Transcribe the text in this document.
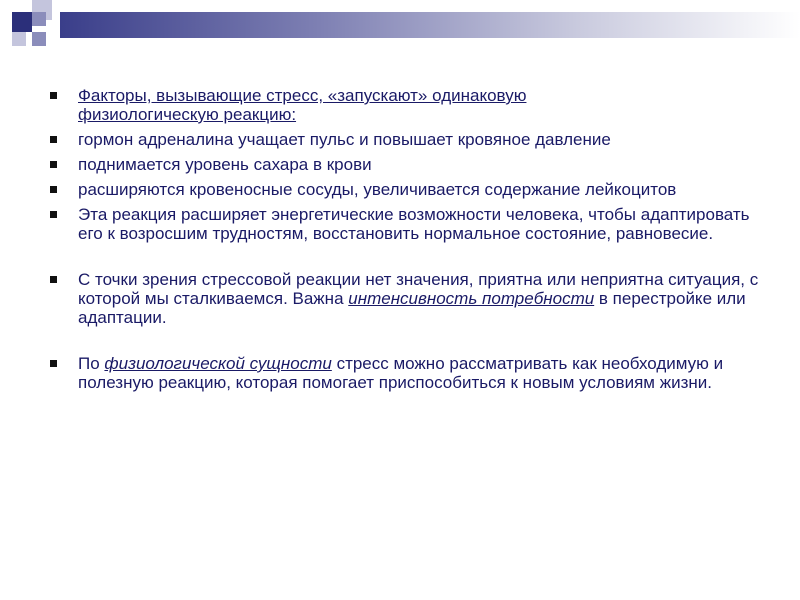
Факторы, вызывающие стресс, «запускают» одинаковую
физиологическую реакцию:
гормон адреналина учащает пульс и повышает кровяное давление
поднимается уровень сахара в крови
расширяются кровеносные сосуды, увеличивается содержание лейкоцитов
Эта реакция расширяет энергетические возможности человека, чтобы адаптировать его к возросшим трудностям, восстановить нормальное состояние, равновесие.
С точки зрения стрессовой реакции нет значения, приятна или неприятна ситуация, с которой мы сталкиваемся. Важна интенсивность потребности в перестройке или адаптации.
По физиологической сущности стресс можно рассматривать как необходимую и полезную реакцию, которая помогает приспособиться к новым условиям жизни.
